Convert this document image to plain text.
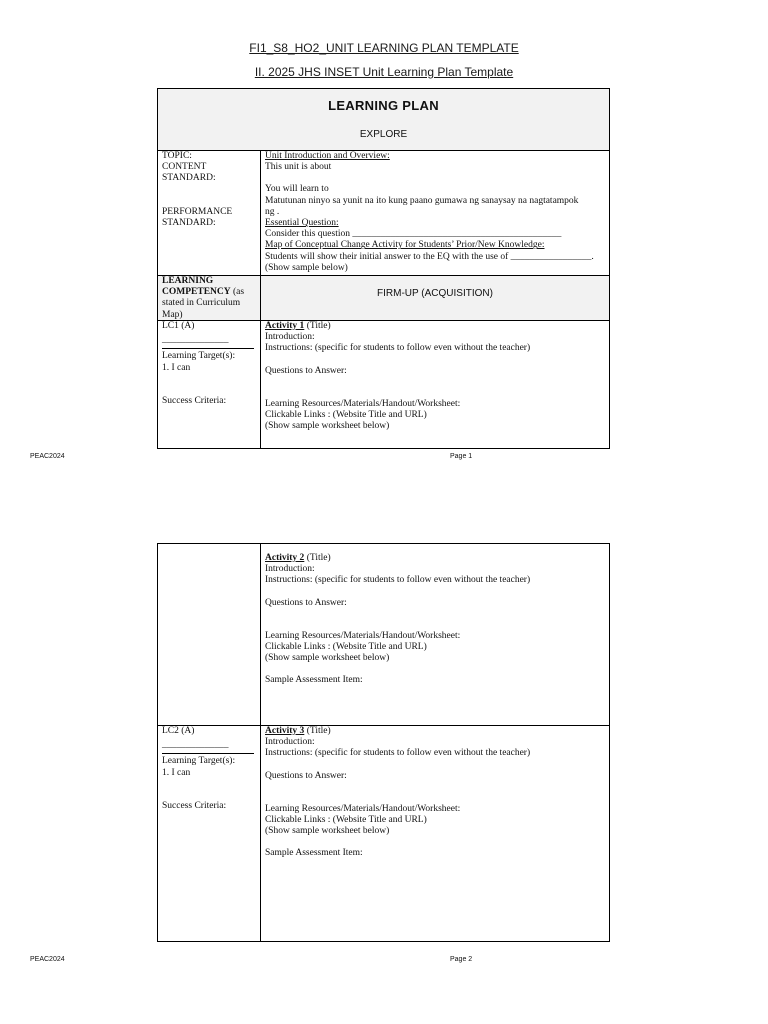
FI1_S8_HO2_UNIT LEARNING PLAN TEMPLATE
II. 2025 JHS INSET Unit Learning Plan Template
LEARNING PLAN
EXPLORE
TOPIC:
CONTENT
STANDARD:
PERFORMANCE
STANDARD:
Unit Introduction and Overview:
This unit is about
You will learn to
Matutunan ninyo sa yunit na ito kung paano gumawa ng sanaysay na nagtatampok
ng .
Essential Question:
Consider this question ____________________________________________
Map of Conceptual Change Activity for Students’ Prior/New Knowledge:
Students will show their initial answer to the EQ with the use of _________________.
(Show sample below)
LEARNING COMPETENCY (as
stated in Curriculum
Map)
FIRM-UP (ACQUISITION)
LC1 (A)
______________
Learning Target(s):
1. I can
Success Criteria:
Activity 1 (Title)
Introduction:
Instructions: (specific for students to follow even without the teacher)
Questions to Answer:
Learning Resources/Materials/Handout/Worksheet:
Clickable Links : (Website Title and URL)
(Show sample worksheet below)
PEAC2024	Page 1
Activity 2 (Title)
Introduction:
Instructions: (specific for students to follow even without the teacher)
Questions to Answer:
Learning Resources/Materials/Handout/Worksheet:
Clickable Links : (Website Title and URL)
(Show sample worksheet below)
Sample Assessment Item:
LC2 (A)
______________
Learning Target(s):
1. I can
Success Criteria:
Activity 3 (Title)
Introduction:
Instructions: (specific for students to follow even without the teacher)
Questions to Answer:
Learning Resources/Materials/Handout/Worksheet:
Clickable Links : (Website Title and URL)
(Show sample worksheet below)
Sample Assessment Item:
PEAC2024	Page 2
